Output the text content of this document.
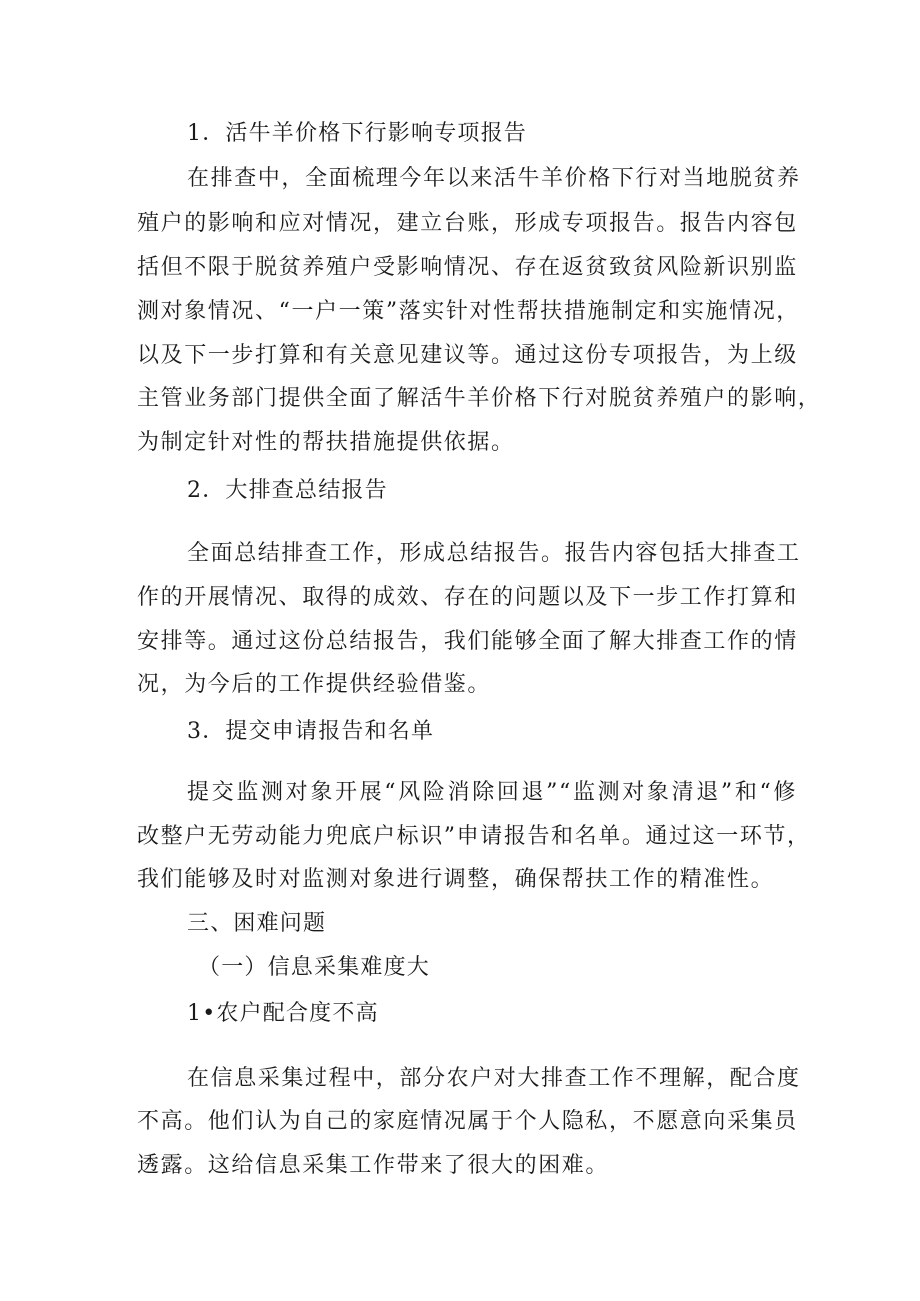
1．活牛羊价格下行影响专项报告
在排查中，全面梳理今年以来活牛羊价格下行对当地脱贫养
殖户的影响和应对情况，建立台账，形成专项报告。报告内容包
括但不限于脱贫养殖户受影响情况、存在返贫致贫风险新识别监
测对象情况、“一户一策”落实针对性帮扶措施制定和实施情况，
以及下一步打算和有关意见建议等。通过这份专项报告，为上级
主管业务部门提供全面了解活牛羊价格下行对脱贫养殖户的影响，
为制定针对性的帮扶措施提供依据。
2．大排查总结报告
全面总结排查工作，形成总结报告。报告内容包括大排查工
作的开展情况、取得的成效、存在的问题以及下一步工作打算和
安排等。通过这份总结报告，我们能够全面了解大排查工作的情
况，为今后的工作提供经验借鉴。
3．提交申请报告和名单
提交监测对象开展“风险消除回退”“监测对象清退”和“修
改整户无劳动能力兜底户标识”申请报告和名单。通过这一环节，
我们能够及时对监测对象进行调整，确保帮扶工作的精准性。
三、困难问题
（一）信息采集难度大
1•农户配合度不高
在信息采集过程中，部分农户对大排查工作不理解，配合度
不高。他们认为自己的家庭情况属于个人隐私，不愿意向采集员
透露。这给信息采集工作带来了很大的困难。
